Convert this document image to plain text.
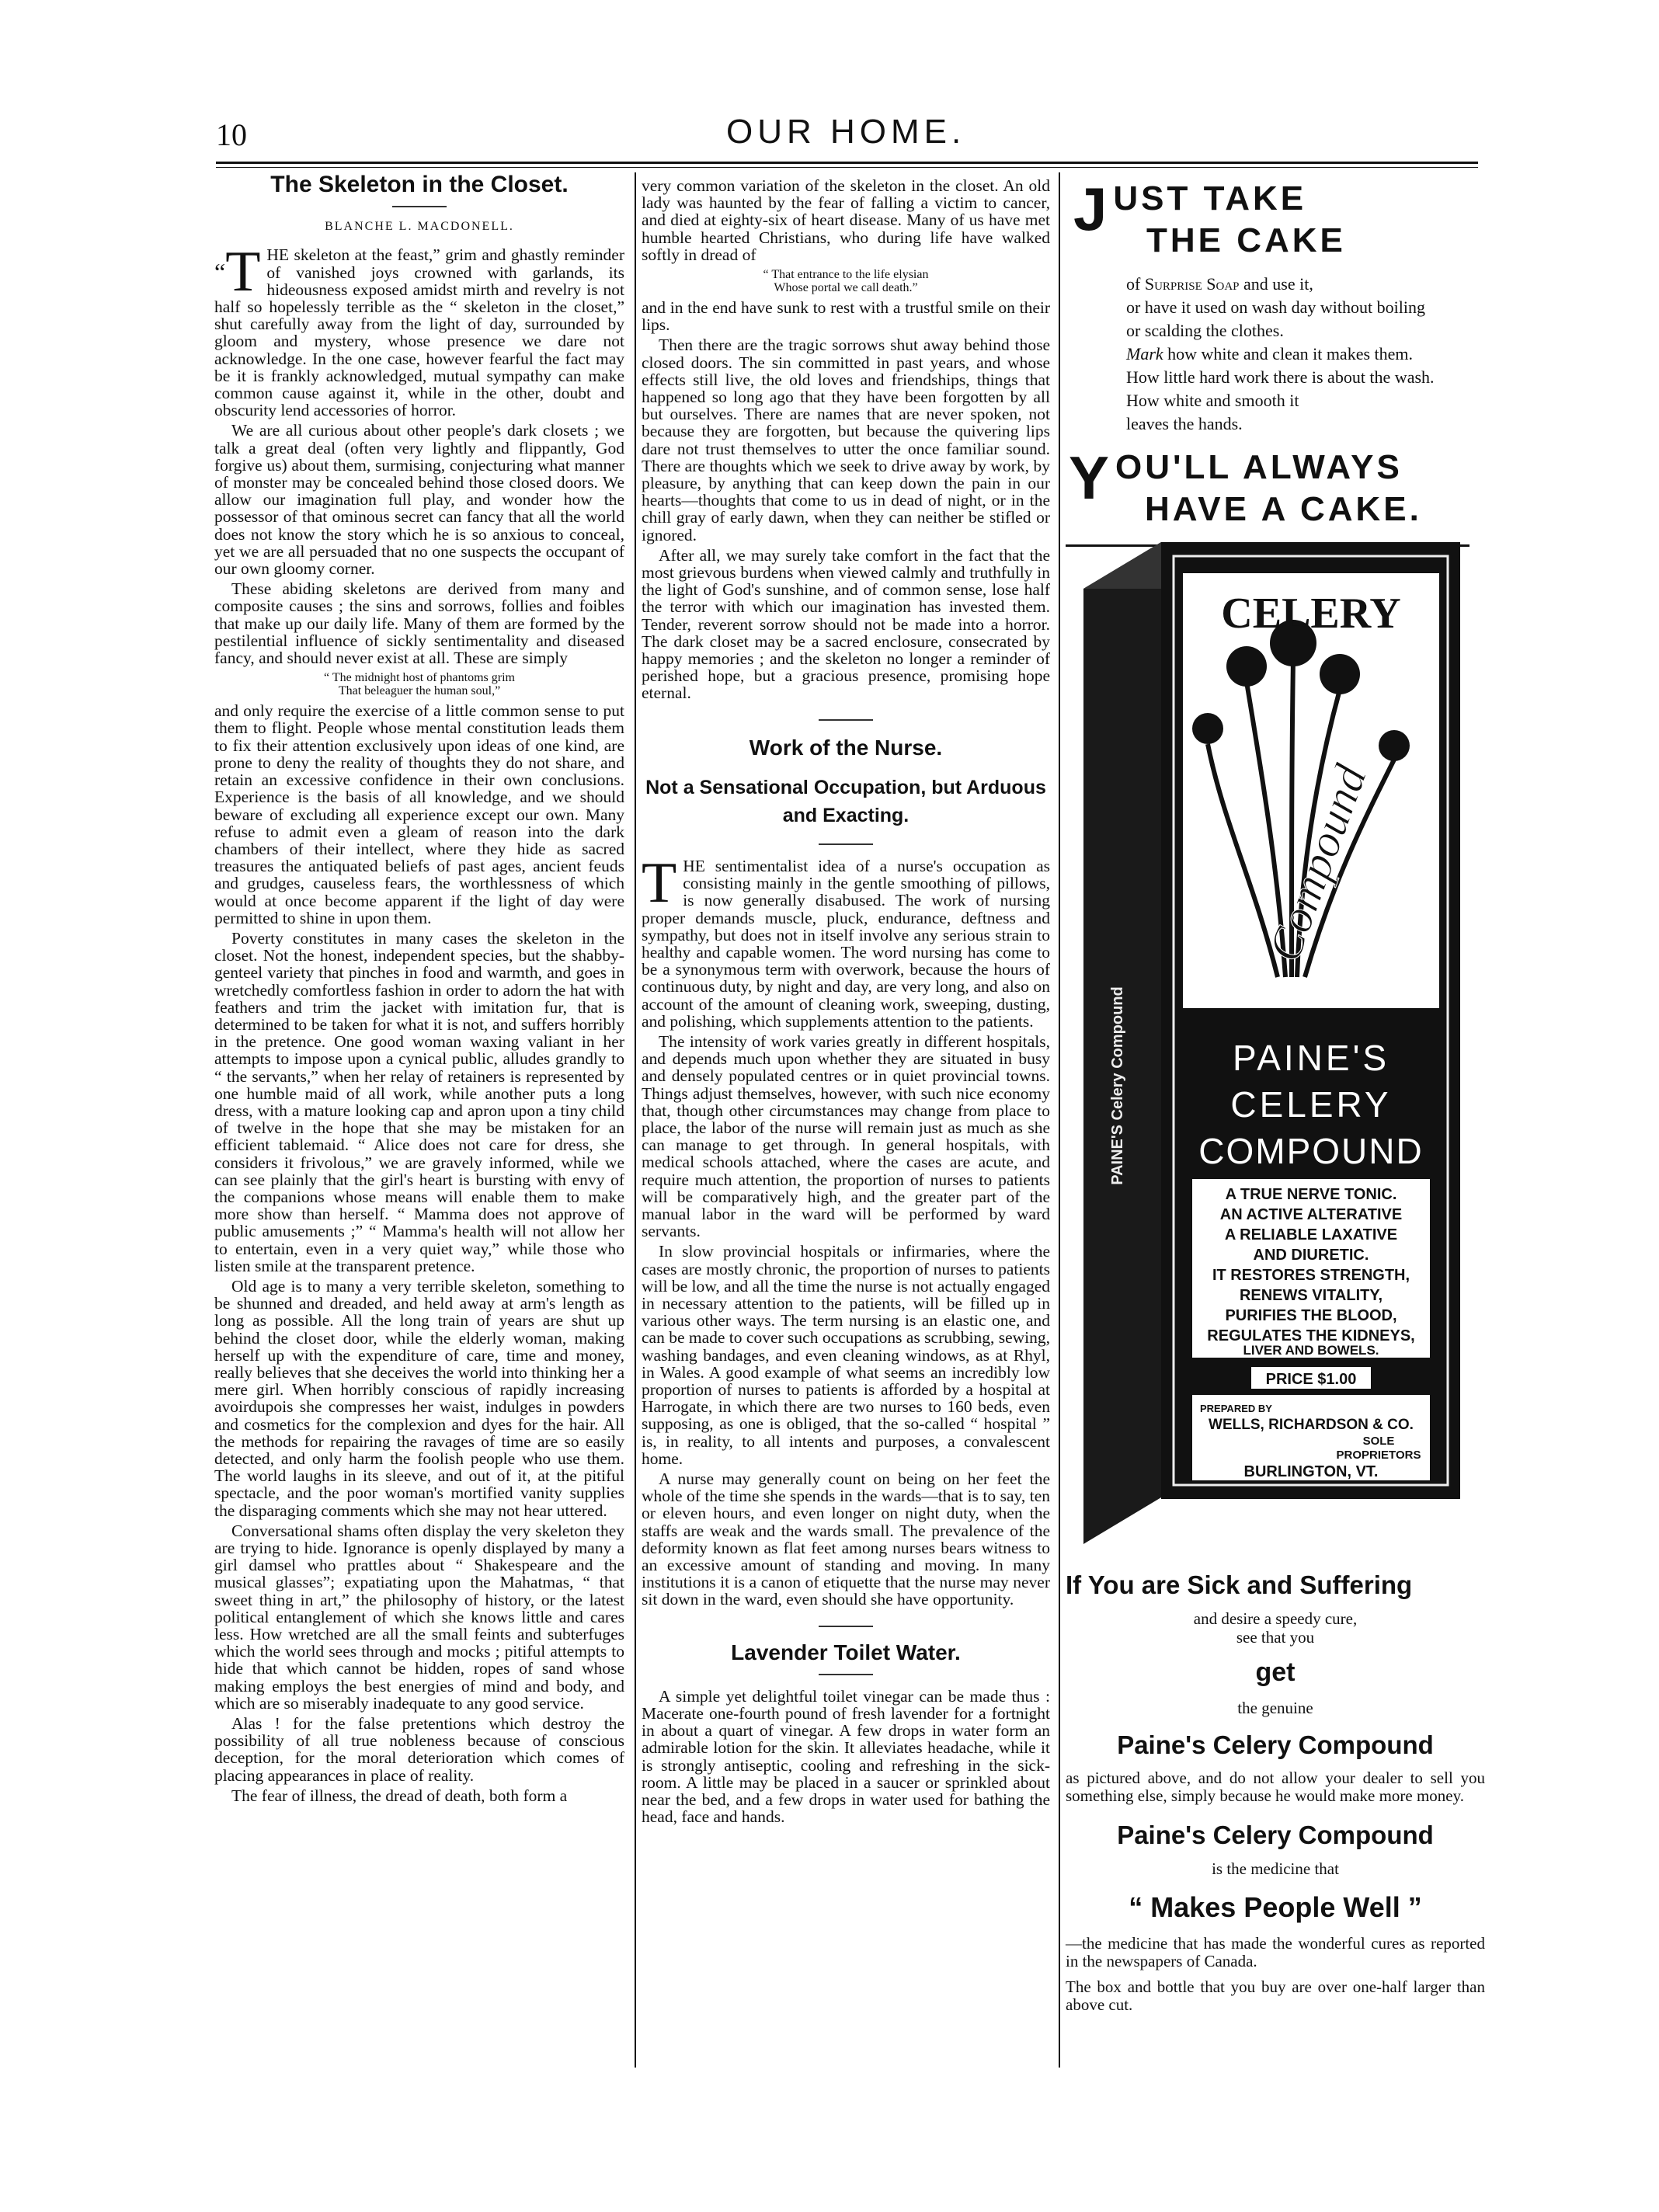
10	OUR HOME.
The Skeleton in the Closet.
BLANCHE L. MACDONELL.

“T HE skeleton at the feast,” grim and ghastly reminder of vanished joys crowned with garlands, its hideousness exposed amidst mirth and revelry is not half so hopelessly terrible as the “ skeleton in the closet,” shut carefully away from the light of day, surrounded by gloom and mystery, whose presence we dare not acknowledge. In the one case, however fearful the fact may be it is frankly acknowledged, mutual sympathy can make common cause against it, while in the other, doubt and obscurity lend accessories of horror.

We are all curious about other people's dark closets ; we talk a great deal (often very lightly and flippantly, God forgive us) about them, surmising, conjecturing what manner of monster may be concealed behind those closed doors. We allow our imagination full play, and wonder how the possessor of that ominous secret can fancy that all the world does not know the story which he is so anxious to conceal, yet we are all persuaded that no one suspects the occupant of our own gloomy corner.

These abiding skeletons are derived from many and composite causes ; the sins and sorrows, follies and foibles that make up our daily life. Many of them are formed by the pestilential influence of sickly sentimentality and diseased fancy, and should never exist at all. These are simply

“ The midnight host of phantoms grim
That beleaguer the human soul,”

and only require the exercise of a little common sense to put them to flight. People whose mental constitution leads them to fix their attention exclusively upon ideas of one kind, are prone to deny the reality of thoughts they do not share, and retain an excessive confidence in their own conclusions. Experience is the basis of all knowledge, and we should beware of excluding all experience except our own. Many refuse to admit even a gleam of reason into the dark chambers of their intellect, where they hide as sacred treasures the antiquated beliefs of past ages, ancient feuds and grudges, causeless fears, the worthlessness of which would at once become apparent if the light of day were permitted to shine in upon them.

Poverty constitutes in many cases the skeleton in the closet. Not the honest, independent species, but the shabby-genteel variety that pinches in food and warmth, and goes in wretchedly comfortless fashion in order to adorn the hat with feathers and trim the jacket with imitation fur, that is determined to be taken for what it is not, and suffers horribly in the pretence. One good woman waxing valiant in her attempts to impose upon a cynical public, alludes grandly to “ the servants,” when her relay of retainers is represented by one humble maid of all work, while another puts a long dress, with a mature looking cap and apron upon a tiny child of twelve in the hope that she may be mistaken for an efficient tablemaid. “ Alice does not care for dress, she considers it frivolous,” we are gravely informed, while we can see plainly that the girl's heart is bursting with envy of the companions whose means will enable them to make more show than herself. “ Mamma does not approve of public amusements ;” “ Mamma's health will not allow her to entertain, even in a very quiet way,” while those who listen smile at the transparent pretence.

Old age is to many a very terrible skeleton, something to be shunned and dreaded, and held away at arm's length as long as possible. All the long train of years are shut up behind the closet door, while the elderly woman, making herself up with the expenditure of care, time and money, really believes that she deceives the world into thinking her a mere girl. When horribly conscious of rapidly increasing avoirdupois she compresses her waist, indulges in powders and cosmetics for the complexion and dyes for the hair. All the methods for repairing the ravages of time are so easily detected, and only harm the foolish people who use them. The world laughs in its sleeve, and out of it, at the pitiful spectacle, and the poor woman's mortified vanity supplies the disparaging comments which she may not hear uttered.

Conversational shams often display the very skeleton they are trying to hide. Ignorance is openly displayed by many a girl damsel who prattles about “ Shakespeare and the musical glasses”; expatiating upon the Mahatmas, “ that sweet thing in art,” the philosophy of history, or the latest political entanglement of which she knows little and cares less. How wretched are all the small feints and subterfuges which the world sees through and mocks ; pitiful attempts to hide that which cannot be hidden, ropes of sand whose making employs the best energies of mind and body, and which are so miserably inadequate to any good service.

Alas ! for the false pretentions which destroy the possibility of all true nobleness because of conscious deception, for the moral deterioration which comes of placing appearances in place of reality.

The fear of illness, the dread of death, both form a

very common variation of the skeleton in the closet. An old lady was haunted by the fear of falling a victim to cancer, and died at eighty-six of heart disease. Many of us have met humble hearted Christians, who during life have walked softly in dread of

“ That entrance to the life elysian
Whose portal we call death.”

and in the end have sunk to rest with a trustful smile on their lips.

Then there are the tragic sorrows shut away behind those closed doors. The sin committed in past years, and whose effects still live, the old loves and friendships, things that happened so long ago that they have been forgotten by all but ourselves. There are names that are never spoken, not because they are forgotten, but because the quivering lips dare not trust themselves to utter the once familiar sound. There are thoughts which we seek to drive away by work, by pleasure, by anything that can keep down the pain in our hearts—thoughts that come to us in dead of night, or in the chill gray of early dawn, when they can neither be stifled or ignored.

After all, we may surely take comfort in the fact that the most grievous burdens when viewed calmly and truthfully in the light of God's sunshine, and of common sense, lose half the terror with which our imagination has invested them. Tender, reverent sorrow should not be made into a horror. The dark closet may be a sacred enclosure, consecrated by happy memories ; and the skeleton no longer a reminder of perished hope, but a gracious presence, promising hope eternal.

Work of the Nurse.
Not a Sensational Occupation, but Arduous and Exacting.

THE sentimentalist idea of a nurse's occupation as consisting mainly in the gentle smoothing of pillows, is now generally disabused. The work of nursing proper demands muscle, pluck, endurance, deftness and sympathy, but does not in itself involve any serious strain to healthy and capable women. The word nursing has come to be a synonymous term with overwork, because the hours of continuous duty, by night and day, are very long, and also on account of the amount of cleaning work, sweeping, dusting, and polishing, which supplements attention to the patients.

The intensity of work varies greatly in different hospitals, and depends much upon whether they are situated in busy and densely populated centres or in quiet provincial towns. Things adjust themselves, however, with such nice economy that, though other circumstances may change from place to place, the labor of the nurse will remain just as much as she can manage to get through. In general hospitals, with medical schools attached, where the cases are acute, and require much attention, the proportion of nurses to patients will be comparatively high, and the greater part of the manual labor in the ward will be performed by ward servants.

In slow provincial hospitals or infirmaries, where the cases are mostly chronic, the proportion of nurses to patients will be low, and all the time the nurse is not actually engaged in necessary attention to the patients, will be filled up in various other ways. The term nursing is an elastic one, and can be made to cover such occupations as scrubbing, sewing, washing bandages, and even cleaning windows, as at Rhyl, in Wales. A good example of what seems an incredibly low proportion of nurses to patients is afforded by a hospital at Harrogate, in which there are two nurses to 160 beds, even supposing, as one is obliged, that the so-called “ hospital ” is, in reality, to all intents and purposes, a convalescent home.

A nurse may generally count on being on her feet the whole of the time she spends in the wards—that is to say, ten or eleven hours, and even longer on night duty, when the staffs are weak and the wards small. The prevalence of the deformity known as flat feet among nurses bears witness to an excessive amount of standing and moving. In many institutions it is a canon of etiquette that the nurse may never sit down in the ward, even should she have opportunity.

Lavender Toilet Water.

A simple yet delightful toilet vinegar can be made thus : Macerate one-fourth pound of fresh lavender for a fortnight in about a quart of vinegar. A few drops in water form an admirable lotion for the skin. It alleviates headache, while it is strongly antiseptic, cooling and refreshing in the sick-room. A little may be placed in a saucer or sprinkled about near the bed, and a few drops in water used for bathing the head, face and hands.

JUST TAKE
THE CAKE
of Surprise Soap and use it,
or have it used on wash day without boiling
or scalding the clothes.
Mark how white and clean it makes them.
How little hard work there is about the wash.
How white and smooth it
leaves the hands.
YOU'LL ALWAYS
HAVE A CAKE.
CELERY
Compound
PAINE'S
CELERY
COMPOUND
A TRUE NERVE TONIC.
AN ACTIVE ALTERATIVE
A RELIABLE LAXATIVE
AND DIURETIC.
IT RESTORES STRENGTH,
RENEWS VITALITY,
PURIFIES THE BLOOD,
REGULATES THE KIDNEYS,
LIVER AND BOWELS.
PRICE $1.00
PREPARED BY
WELLS, RICHARDSON & CO.
SOLE
PROPRIETORS
BURLINGTON, VT.
PAINE'S Celery Compound
If You are Sick and Suffering
and desire a speedy cure,
see that you
get
the genuine
Paine's Celery Compound
as pictured above, and do not allow your dealer to sell you something else, simply because he would make more money.
Paine's Celery Compound
is the medicine that
“ Makes People Well ”
—the medicine that has made the wonderful cures as reported in the newspapers of Canada.
The box and bottle that you buy are over one-half larger than above cut.
